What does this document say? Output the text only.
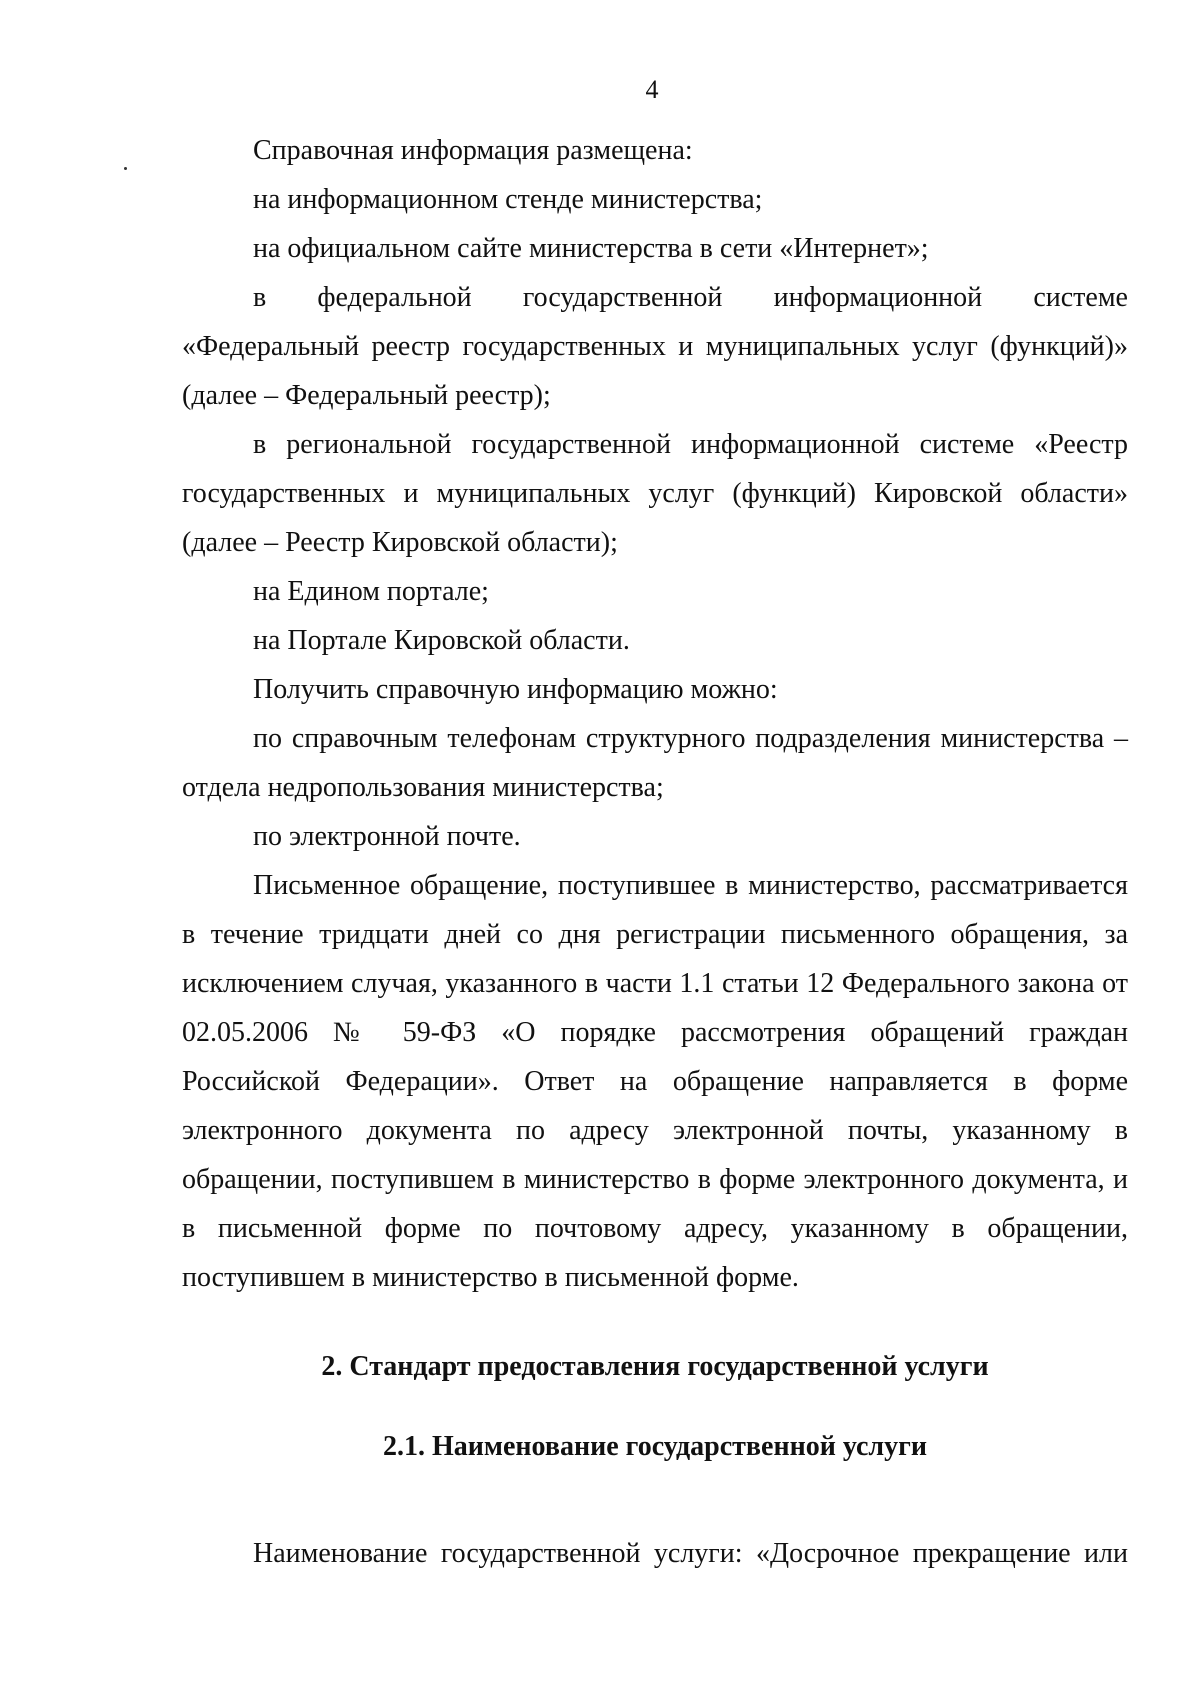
4

Справочная информация размещена:

на информационном стенде министерства;

на официальном сайте министерства в сети «Интернет»;

в федеральной государственной информационной системе

«Федеральный реестр государственных и муниципальных услуг (функций)» (далее – Федеральный реестр);

в региональной государственной информационной системе «Реестр государственных и муниципальных услуг (функций) Кировской области» (далее – Реестр Кировской области);

на Едином портале;

на Портале Кировской области.

Получить справочную информацию можно:

по справочным телефонам структурного подразделения министерства – отдела недропользования министерства;

по электронной почте.

Письменное обращение, поступившее в министерство, рассматривается в течение тридцати дней со дня регистрации письменного обращения, за исключением случая, указанного в части 1.1 статьи 12 Федерального закона от 02.05.2006 № 59-ФЗ «О порядке рассмотрения обращений граждан Российской Федерации». Ответ на обращение направляется в форме электронного документа по адресу электронной почты, указанному в обращении, поступившем в министерство в форме электронного документа, и в письменной форме по почтовому адресу, указанному в обращении, поступившем в министерство в письменной форме.

2. Стандарт предоставления государственной услуги
2.1. Наименование государственной услуги

Наименование государственной услуги: «Досрочное прекращение или
